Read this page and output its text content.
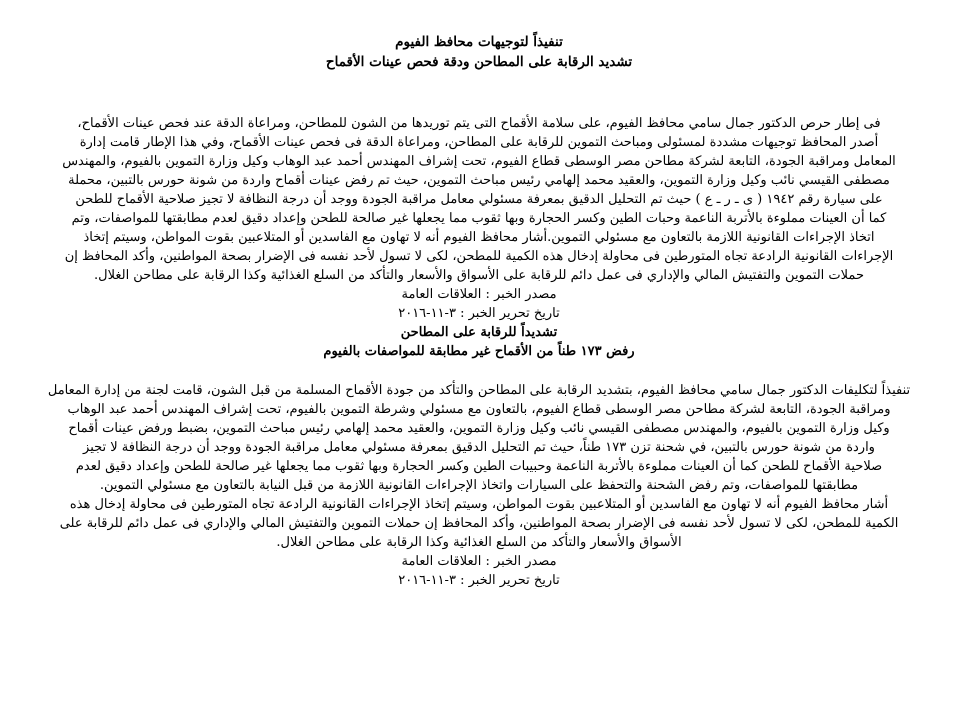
تنفيذاً لتوجيهات محافظ الفيوم
تشديد الرقابة على المطاحن ودقة فحص عينات الأقماح
فى إطار حرص الدكتور جمال سامي محافظ الفيوم، على سلامة الأقماح التى يتم توريدها من الشون للمطاحن، ومراعاة الدقة عند فحص عينات الأقماح،
أصدر المحافظ توجيهات مشددة لمسئولى ومباحث التموين للرقابة على المطاحن، ومراعاة الدقة فى فحص عينات الأقماح، وفي هذا الإطار قامت إدارة
المعامل ومراقبة الجودة، التابعة لشركة مطاحن مصر الوسطى قطاع الفيوم، تحت إشراف المهندس أحمد عبد الوهاب وكيل وزارة التموين بالفيوم، والمهندس
مصطفى القيسي نائب وكيل وزارة التموين، والعقيد محمد إلهامي رئيس مباحث التموين، حيث تم رفض عينات أقماح واردة من شونة حورس بالتبين، محملة
على سيارة رقم ١٩٤٢ ( ى ـ ر ـ ع ) حيث تم التحليل الدقيق بمعرفة مسئولي معامل مراقبة الجودة ووجد أن درجة النظافة لا تجيز صلاحية الأقماح للطحن
كما أن العينات مملوءة بالأتربة الناعمة وحبات الطين وكسر الحجارة وبها ثقوب مما يجعلها غير صالحة للطحن وإعداد دقيق لعدم مطابقتها للمواصفات، وتم
اتخاذ الإجراءات القانونية اللازمة بالتعاون مع مسئولي التموين.أشار محافظ الفيوم أنه لا تهاون مع الفاسدين أو المتلاعبين بقوت المواطن، وسيتم إتخاذ
الإجراءات القانونية الرادعة تجاه المتورطين فى محاولة إدخال هذه الكمية للمطحن، لكى لا تسول لأحد نفسه فى الإضرار بصحة المواطنين، وأكد المحافظ إن
حملات التموين والتفتيش المالي والإداري فى عمل دائم للرقابة على الأسواق والأسعار والتأكد من السلع الغذائية وكذا الرقابة على مطاحن الغلال.
مصدر الخبر : العلاقات العامة
تاريخ تحرير الخبر : ٣-١١-٢٠١٦
تشديداً للرقابة على المطاحن
رفض ١٧٣ طناً من الأقماح غير مطابقة للمواصفات بالفيوم
تنفيذاً لتكليفات الدكتور جمال سامي محافظ الفيوم، بتشديد الرقابة على المطاحن والتأكد من جودة الأقماح المسلمة من قبل الشون، قامت لجنة من إدارة المعامل
ومراقبة الجودة، التابعة لشركة مطاحن مصر الوسطى قطاع الفيوم، بالتعاون مع مسئولي وشرطة التموين بالفيوم، تحت إشراف المهندس أحمد عبد الوهاب
وكيل وزارة التموين بالفيوم، والمهندس مصطفى القيسي نائب وكيل وزارة التموين، والعقيد محمد إلهامي رئيس مباحث التموين، بضبط ورفض عينات أقماح
واردة من شونة حورس بالتبين، في شحنة تزن ١٧٣ طناً، حيث تم التحليل الدقيق بمعرفة مسئولي معامل مراقبة الجودة ووجد أن درجة النظافة لا تجيز
صلاحية الأقماح للطحن كما أن العينات مملوءة بالأتربة الناعمة وحبيبات الطين وكسر الحجارة وبها ثقوب مما يجعلها غير صالحة للطحن وإعداد دقيق لعدم
مطابقتها للمواصفات، وتم رفض الشحنة والتحفظ على السيارات واتخاذ الإجراءات القانونية اللازمة من قبل النيابة بالتعاون مع مسئولي التموين.
أشار محافظ الفيوم أنه لا تهاون مع الفاسدين أو المتلاعبين بقوت المواطن، وسيتم إتخاذ الإجراءات القانونية الرادعة تجاه المتورطين فى محاولة إدخال هذه
الكمية للمطحن، لكى لا تسول لأحد نفسه فى الإضرار بصحة المواطنين، وأكد المحافظ إن حملات التموين والتفتيش المالي والإداري فى عمل دائم للرقابة على
الأسواق والأسعار والتأكد من السلع الغذائية وكذا الرقابة على مطاحن الغلال.
مصدر الخبر : العلاقات العامة
تاريخ تحرير الخبر : ٣-١١-٢٠١٦
